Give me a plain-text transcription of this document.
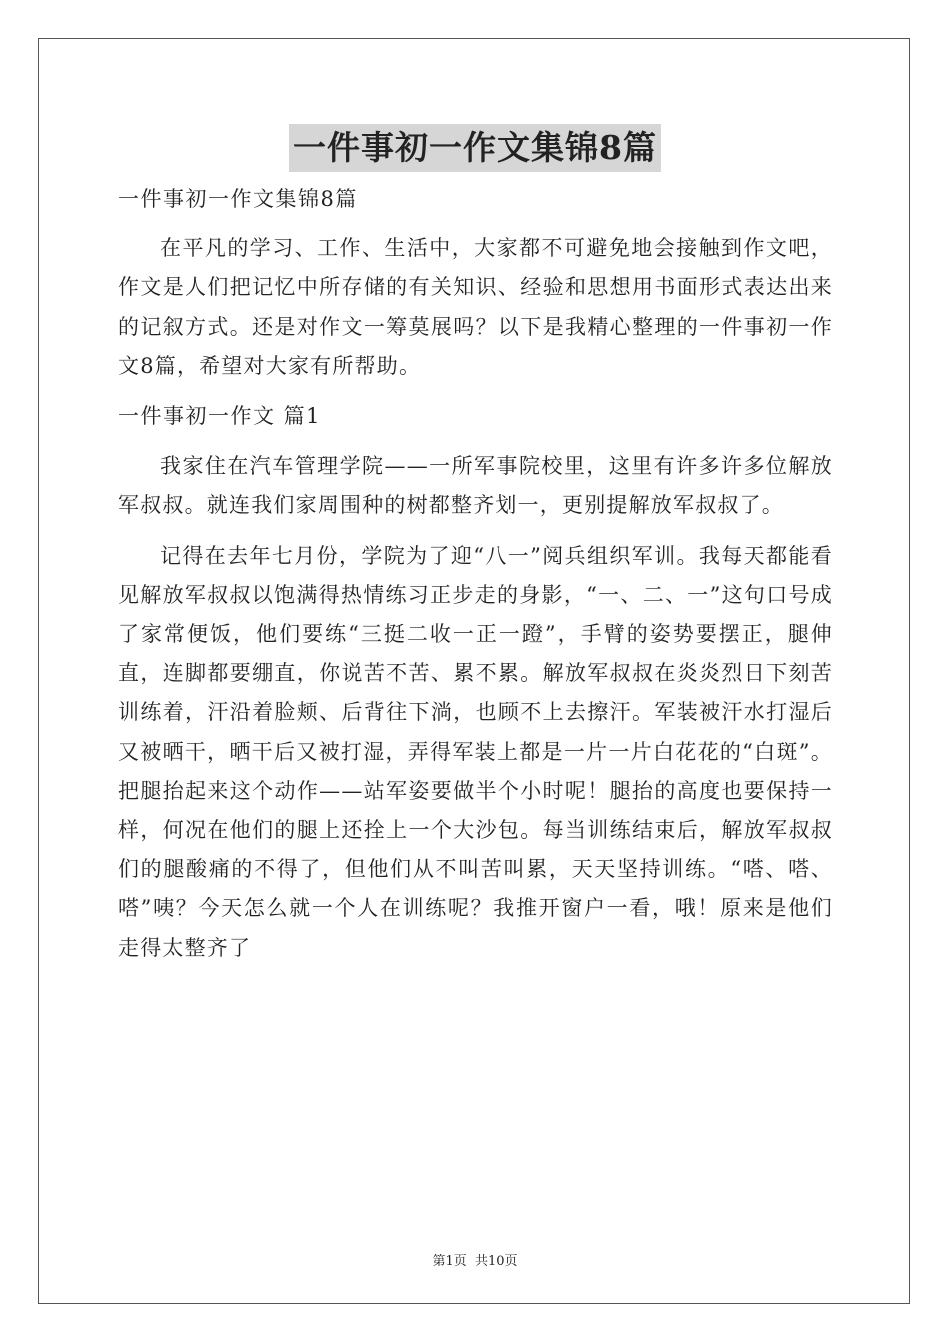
一件事初一作文集锦8篇

一件事初一作文集锦8篇

在平凡的学习、工作、生活中，大家都不可避免地会接触到作文吧，作文是人们把记忆中所存储的有关知识、经验和思想用书面形式表达出来的记叙方式。还是对作文一筹莫展吗？以下是我精心整理的一件事初一作文8篇，希望对大家有所帮助。

一件事初一作文 篇1

我家住在汽车管理学院——一所军事院校里，这里有许多许多位解放军叔叔。就连我们家周围种的树都整齐划一，更别提解放军叔叔了。

记得在去年七月份，学院为了迎“八一”阅兵组织军训。我每天都能看见解放军叔叔以饱满得热情练习正步走的身影，“一、二、一”这句口号成了家常便饭，他们要练“三挺二收一正一蹬”，手臂的姿势要摆正，腿伸直，连脚都要绷直，你说苦不苦、累不累。解放军叔叔在炎炎烈日下刻苦训练着，汗沿着脸颊、后背往下淌，也顾不上去擦汗。军装被汗水打湿后又被晒干，晒干后又被打湿，弄得军装上都是一片一片白花花的“白斑”。把腿抬起来这个动作——站军姿要做半个小时呢！腿抬的高度也要保持一样，何况在他们的腿上还拴上一个大沙包。每当训练结束后，解放军叔叔们的腿酸痛的不得了，但他们从不叫苦叫累，天天坚持训练。“嗒、嗒、嗒”咦？今天怎么就一个人在训练呢？我推开窗户一看，哦！原来是他们走得太整齐了

第1页 共10页
